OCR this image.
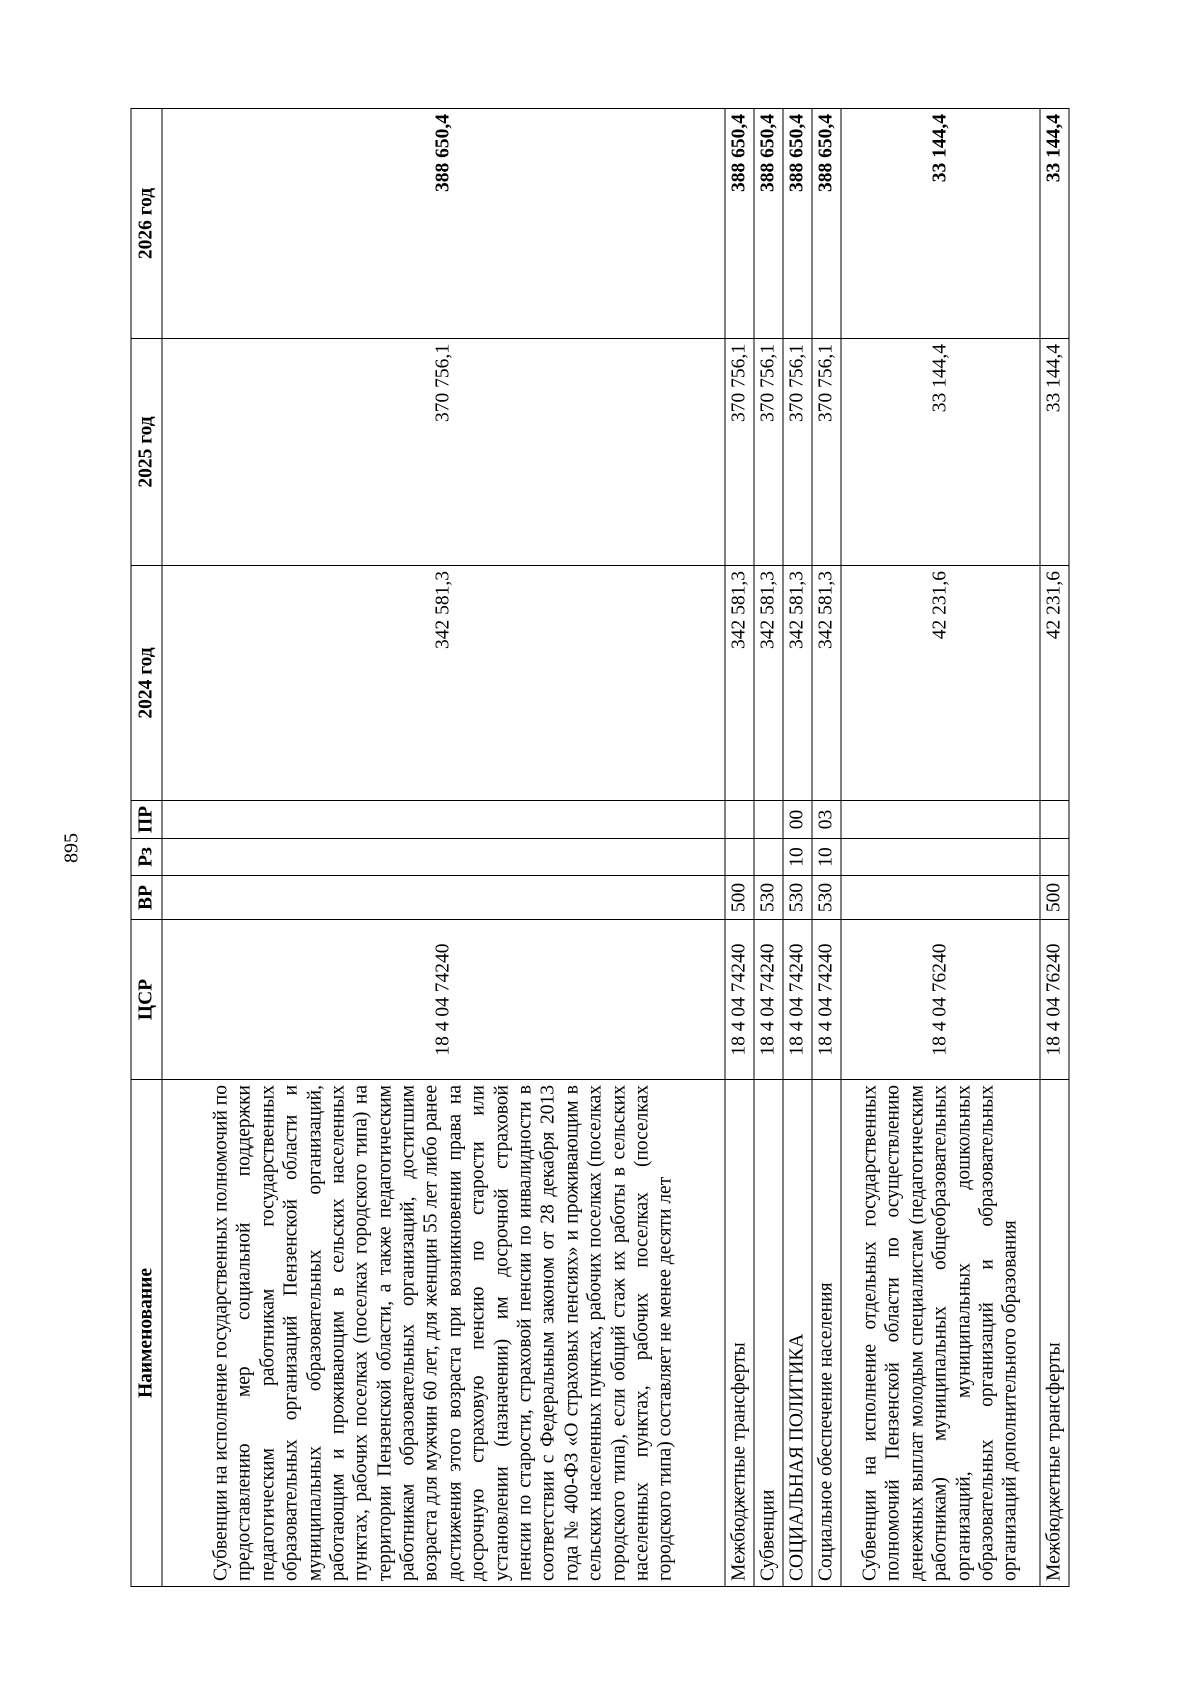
895
Наименование	ЦСР	ВР	Рз	ПР	2024 год	2025 год	2026 год
Субвенции на исполнение государственных полномочий по предоставлению мер социальной поддержки педагогическим работникам государственных образовательных организаций Пензенской области и муниципальных образовательных организаций, работающим и проживающим в сельских населенных пунктах, рабочих поселках (поселках городского типа) на территории Пензенской области, а также педагогическим работникам образовательных организаций, достигшим возраста для мужчин 60 лет, для женщин 55 лет либо ранее достижения этого возраста при возникновении права на досрочную страховую пенсию по старости или установлении (назначении) им досрочной страховой пенсии по старости, страховой пенсии по инвалидности в соответствии с Федеральным законом от 28 декабря 2013 года № 400-ФЗ «О страховых пенсиях» и проживающим в сельских населенных пунктах, рабочих поселках (поселках городского типа), если общий стаж их работы в сельских населенных пунктах, рабочих поселках (поселках городского типа) составляет не менее десяти лет	18 4 04 74240				342 581,3	370 756,1	388 650,4
Межбюджетные трансферты	18 4 04 74240	500			342 581,3	370 756,1	388 650,4
Субвенции	18 4 04 74240	530			342 581,3	370 756,1	388 650,4
СОЦИАЛЬНАЯ ПОЛИТИКА	18 4 04 74240	530	10	00	342 581,3	370 756,1	388 650,4
Социальное обеспечение населения	18 4 04 74240	530	10	03	342 581,3	370 756,1	388 650,4
Субвенции на исполнение отдельных государственных полномочий Пензенской области по осуществлению денежных выплат молодым специалистам (педагогическим работникам) муниципальных общеобразовательных организаций, муниципальных дошкольных образовательных организаций и образовательных организаций дополнительного образования	18 4 04 76240				42 231,6	33 144,4	33 144,4
Межбюджетные трансферты	18 4 04 76240	500			42 231,6	33 144,4	33 144,4
